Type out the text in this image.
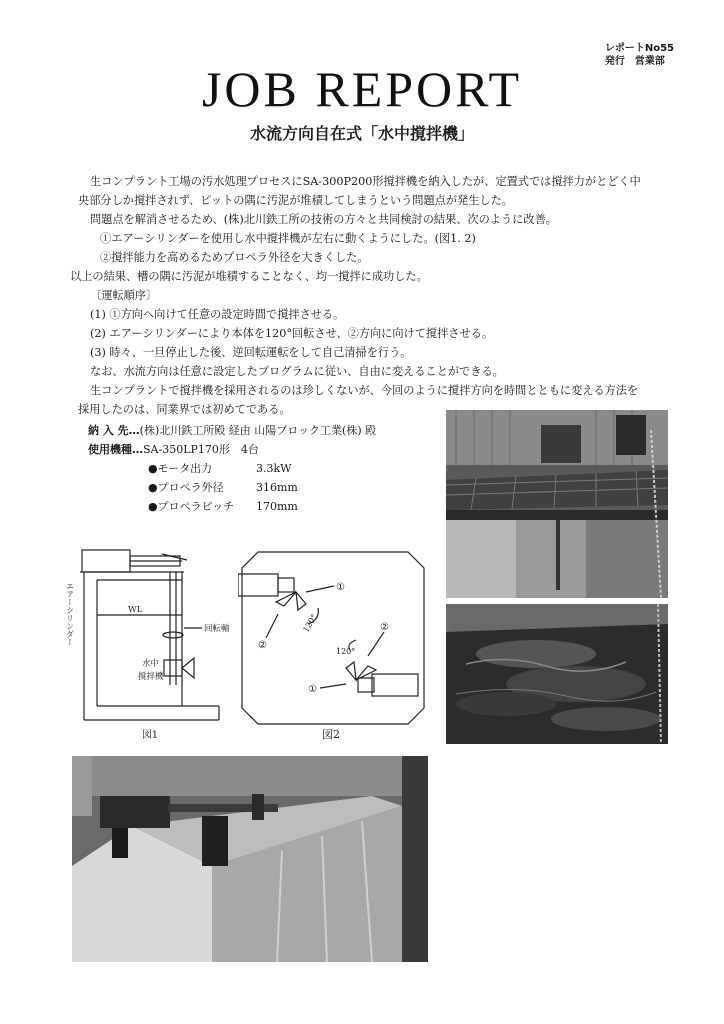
レポートNo55
発行　営業部
JOB REPORT
水流方向自在式「水中撹拌機」

生コンプラント工場の汚水処理プロセスにSA-300P200形撹拌機を納入したが、定置式では撹拌力がとどく中

央部分しか撹拌されず、ピットの隅に汚泥が堆積してしまうという問題点が発生した。

問題点を解消させるため、(株)北川鉄工所の技術の方々と共同検討の結果、次のように改善。

①エアーシリンダーを使用し水中撹拌機が左右に動くようにした。(図1. 2)

②撹拌能力を高めるためプロペラ外径を大きくした。

以上の結果、槽の隅に汚泥が堆積することなく、均一撹拌に成功した。

〔運転順序〕

(1) ①方向へ向けて任意の設定時間で撹拌させる。

(2) エアーシリンダーにより本体を120°回転させ、②方向に向けて撹拌させる。

(3) 時々、一旦停止した後、逆回転運転をして自己清掃を行う。

なお、水流方向は任意に設定したプログラムに従い、自由に変えることができる。

生コンプラントで撹拌機を採用されるのは珍しくないが、今回のように撹拌方向を時間とともに変える方法を

採用したのは、同業界では初めてである。

納 入 先…(株)北川鉄工所殿 経由 山陽ブロック工業(株) 殿
使用機種…SA-350LP170形　4台
●モータ出力	3.3kW
●プロペラ外径	316mm
●プロペラピッチ 170mm
エアーシリンダー	回転軸
WL
水中
撹拌機
図1
①
②
120°
①
②
120°
図2
